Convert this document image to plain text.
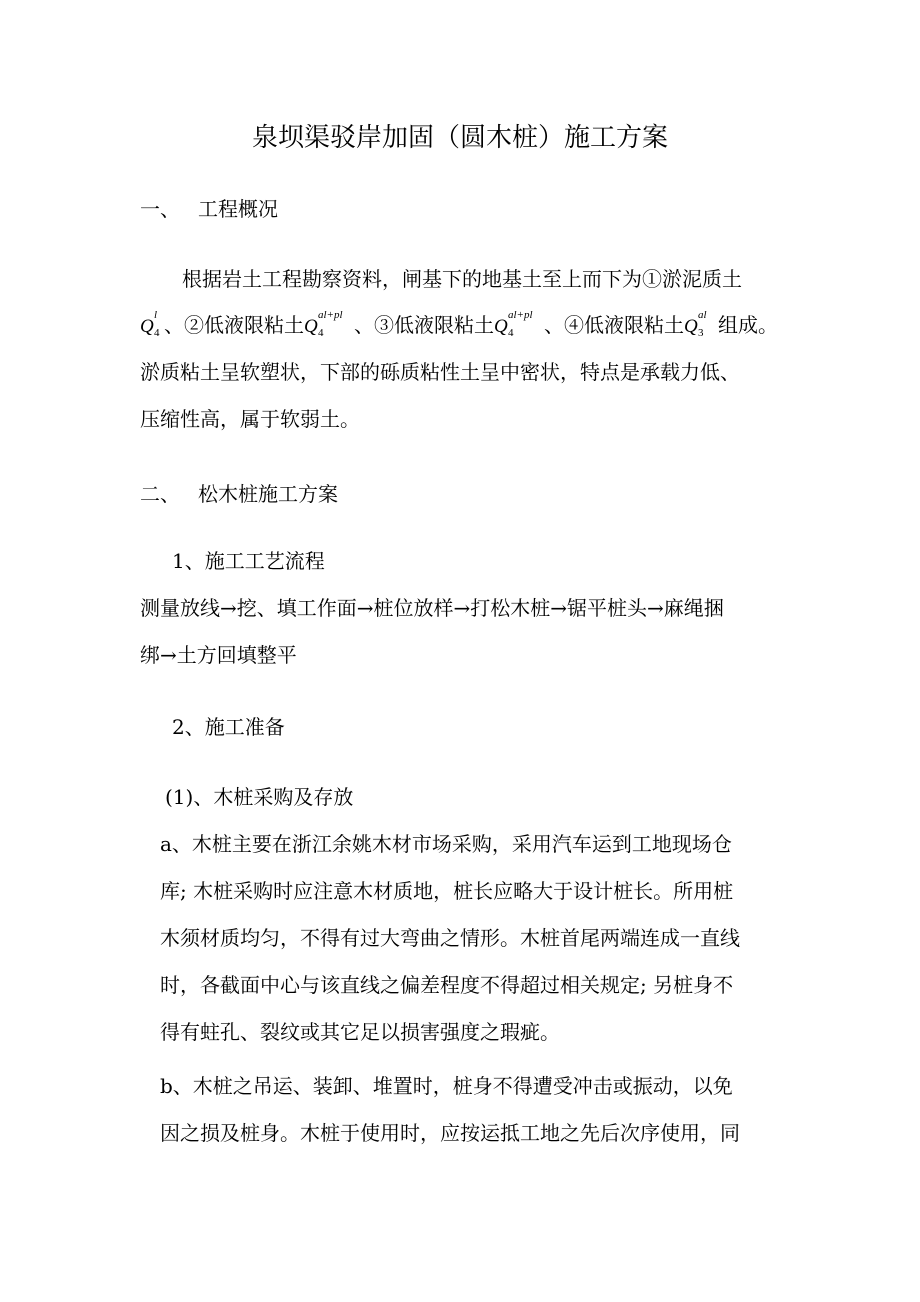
泉坝渠驳岸加固（圆木桩）施工方案
一、 工程概况
根据岩土工程勘察资料，闸基下的地基土至上而下为①淤泥质土
Q
l
4 、②低液限粘土Q
al+pl
4 、③低液限粘土Q
al+pl
4 、④低液限粘土Q
al
3 组成。
淤质粘土呈软塑状，下部的砾质粘性土呈中密状，特点是承载力低、
压缩性高，属于软弱土。
二、 松木桩施工方案
1、施工工艺流程
测量放线→挖、填工作面→桩位放样→打松木桩→锯平桩头→麻绳捆
绑→土方回填整平
2、施工准备
(1)、木桩采购及存放
a、木桩主要在浙江余姚木材市场采购，采用汽车运到工地现场仓
库; 木桩采购时应注意木材质地，桩长应略大于设计桩长。所用桩
木须材质均匀，不得有过大弯曲之情形。木桩首尾两端连成一直线
时，各截面中心与该直线之偏差程度不得超过相关规定; 另桩身不
得有蛀孔、裂纹或其它足以损害强度之瑕疵。
b、木桩之吊运、装卸、堆置时，桩身不得遭受冲击或振动，以免
因之损及桩身。木桩于使用时，应按运抵工地之先后次序使用，同
